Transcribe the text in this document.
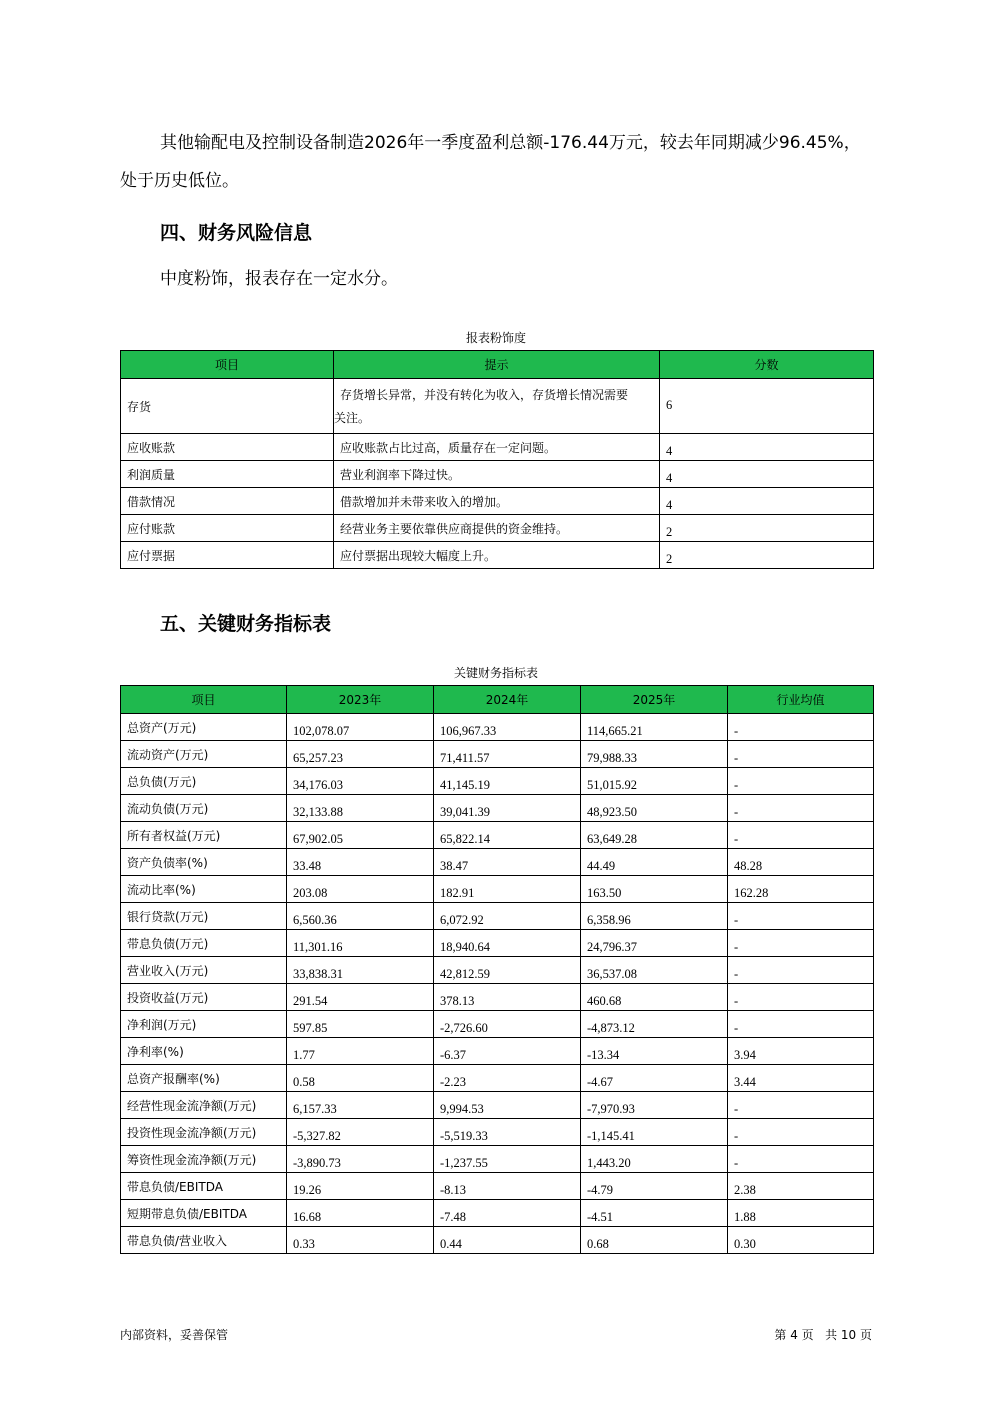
其他输配电及控制设备制造2026年一季度盈利总额-176.44万元，较去年同期减少96.45%，
处于历史低位。
四、财务风险信息
中度粉饰，报表存在一定水分。
报表粉饰度
项目	提示	分数
存货	存货增长异常，并没有转化为收入，存货增长情况需要
关注。	6
应收账款	应收账款占比过高，质量存在一定问题。	4
利润质量	营业利润率下降过快。	4
借款情况	借款增加并未带来收入的增加。	4
应付账款	经营业务主要依靠供应商提供的资金维持。	2
应付票据	应付票据出现较大幅度上升。	2
五、关键财务指标表
关键财务指标表
项目	2023年	2024年	2025年	行业均值
总资产(万元)	102,078.07	106,967.33	114,665.21	-
流动资产(万元)	65,257.23	71,411.57	79,988.33	-
总负债(万元)	34,176.03	41,145.19	51,015.92	-
流动负债(万元)	32,133.88	39,041.39	48,923.50	-
所有者权益(万元)	67,902.05	65,822.14	63,649.28	-
资产负债率(%)	33.48	38.47	44.49	48.28
流动比率(%)	203.08	182.91	163.50	162.28
银行贷款(万元)	6,560.36	6,072.92	6,358.96	-
带息负债(万元)	11,301.16	18,940.64	24,796.37	-
营业收入(万元)	33,838.31	42,812.59	36,537.08	-
投资收益(万元)	291.54	378.13	460.68	-
净利润(万元)	597.85	-2,726.60	-4,873.12	-
净利率(%)	1.77	-6.37	-13.34	3.94
总资产报酬率(%)	0.58	-2.23	-4.67	3.44
经营性现金流净额(万元)	6,157.33	9,994.53	-7,970.93	-
投资性现金流净额(万元)	-5,327.82	-5,519.33	-1,145.41	-
筹资性现金流净额(万元)	-3,890.73	-1,237.55	1,443.20	-
带息负债/EBITDA	19.26	-8.13	-4.79	2.38
短期带息负债/EBITDA	16.68	-7.48	-4.51	1.88
带息负债/营业收入	0.33	0.44	0.68	0.30
内部资料，妥善保管	第 4 页   共 10 页
